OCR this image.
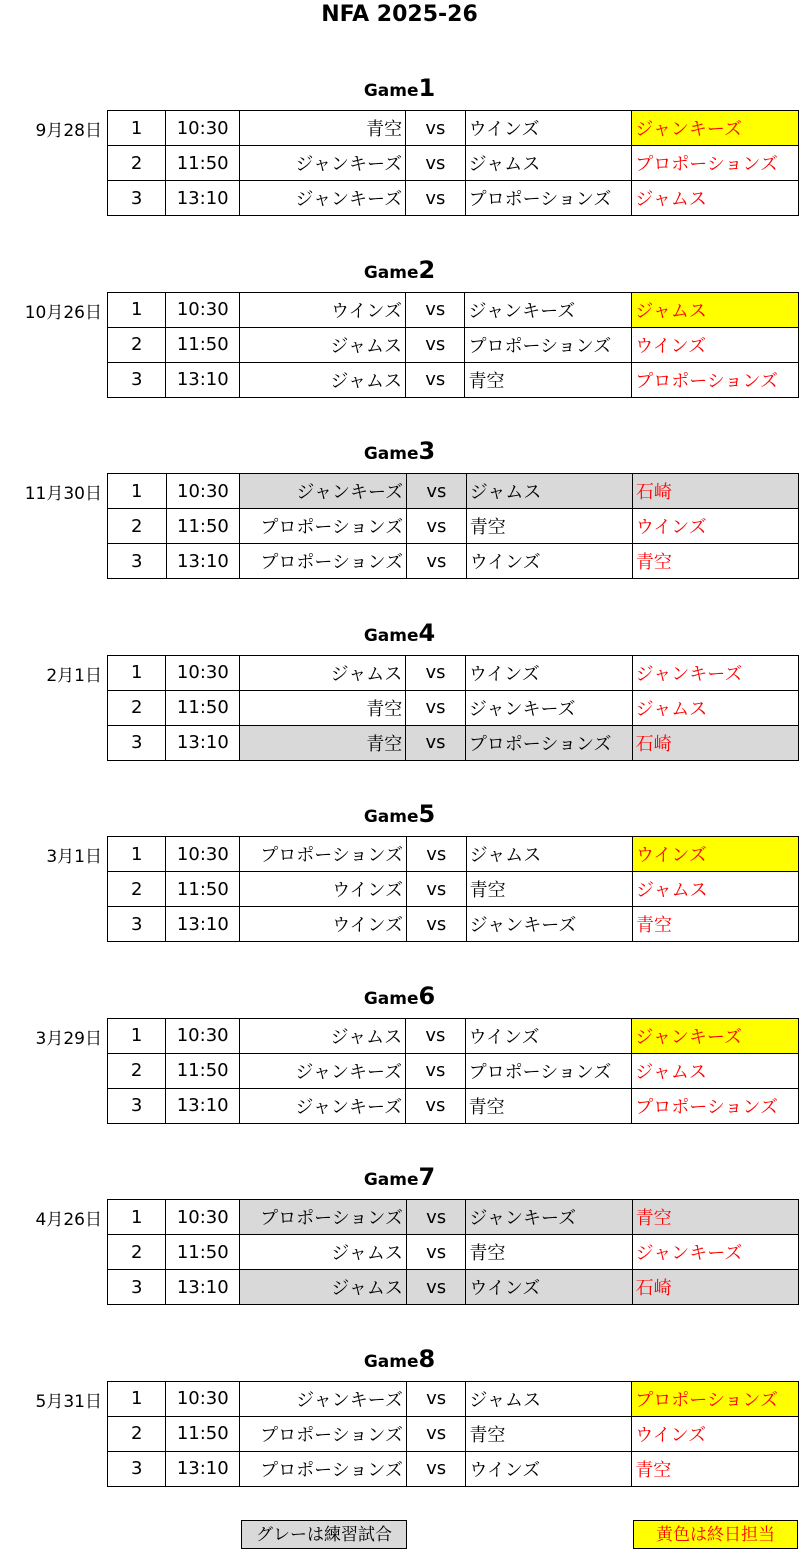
NFA 2025-26
Game1
9月28日 1	10:30	青空	vs	ウインズ	ジャンキーズ
2	11:50	ジャンキーズ	vs	ジャムス	プロポーションズ
3	13:10	ジャンキーズ	vs	プロポーションズ	ジャムス
Game2
10月26日 1	10:30	ウインズ	vs	ジャンキーズ	ジャムス
2	11:50	ジャムス	vs	プロポーションズ	ウインズ
3	13:10	ジャムス	vs	青空	プロポーションズ
Game3
11月30日 1	10:30	ジャンキーズ	vs	ジャムス	石崎
2	11:50	プロポーションズ	vs	青空	ウインズ
3	13:10	プロポーションズ	vs	ウインズ	青空
Game4
2月1日 1	10:30	ジャムス	vs	ウインズ	ジャンキーズ
2	11:50	青空	vs	ジャンキーズ	ジャムス
3	13:10	青空	vs	プロポーションズ	石崎
Game5
3月1日 1	10:30	プロポーションズ	vs	ジャムス	ウインズ
2	11:50	ウインズ	vs	青空	ジャムス
3	13:10	ウインズ	vs	ジャンキーズ	青空
Game6
3月29日 1	10:30	ジャムス	vs	ウインズ	ジャンキーズ
2	11:50	ジャンキーズ	vs	プロポーションズ	ジャムス
3	13:10	ジャンキーズ	vs	青空	プロポーションズ
Game7
4月26日 1	10:30	プロポーションズ	vs	ジャンキーズ	青空
2	11:50	ジャムス	vs	青空	ジャンキーズ
3	13:10	ジャムス	vs	ウインズ	石崎
Game8
5月31日 1	10:30	ジャンキーズ	vs	ジャムス	プロポーションズ
2	11:50	プロポーションズ	vs	青空	ウインズ
3	13:10	プロポーションズ	vs	ウインズ	青空
グレーは練習試合	黄色は終日担当
